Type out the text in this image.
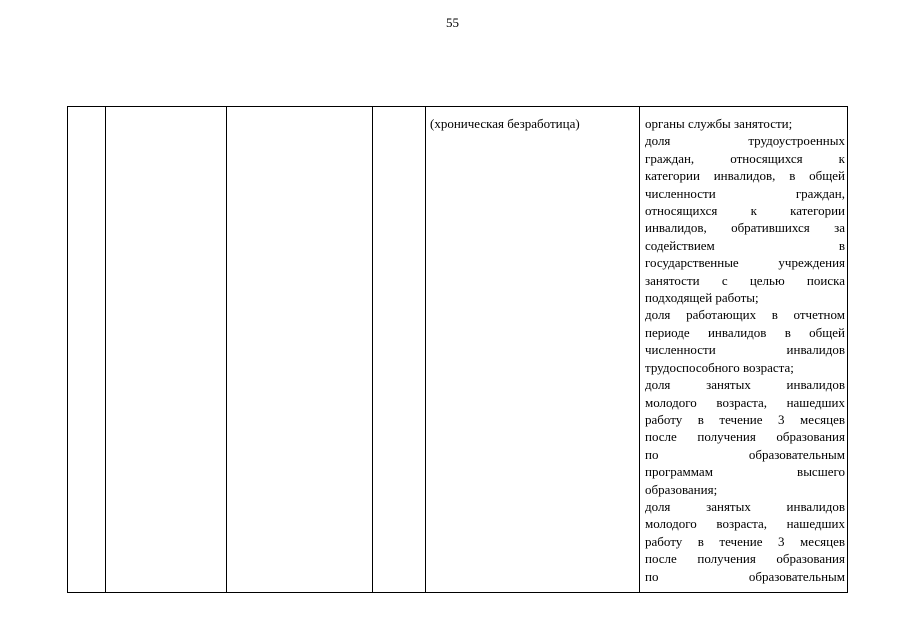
55

(хроническая безработица)	органы службы занятости;
доля трудоустроенных
граждан, относящихся к
категории инвалидов, в общей
численности граждан,
относящихся к категории
инвалидов, обратившихся за
содействием в
государственные учреждения
занятости с целью поиска
подходящей работы;
доля работающих в отчетном
периоде инвалидов в общей
численности инвалидов
трудоспособного возраста;
доля занятых инвалидов
молодого возраста, нашедших
работу в течение 3 месяцев
после получения образования
по образовательным
программам высшего
образования;
доля занятых инвалидов
молодого возраста, нашедших
работу в течение 3 месяцев
после получения образования
по образовательным
